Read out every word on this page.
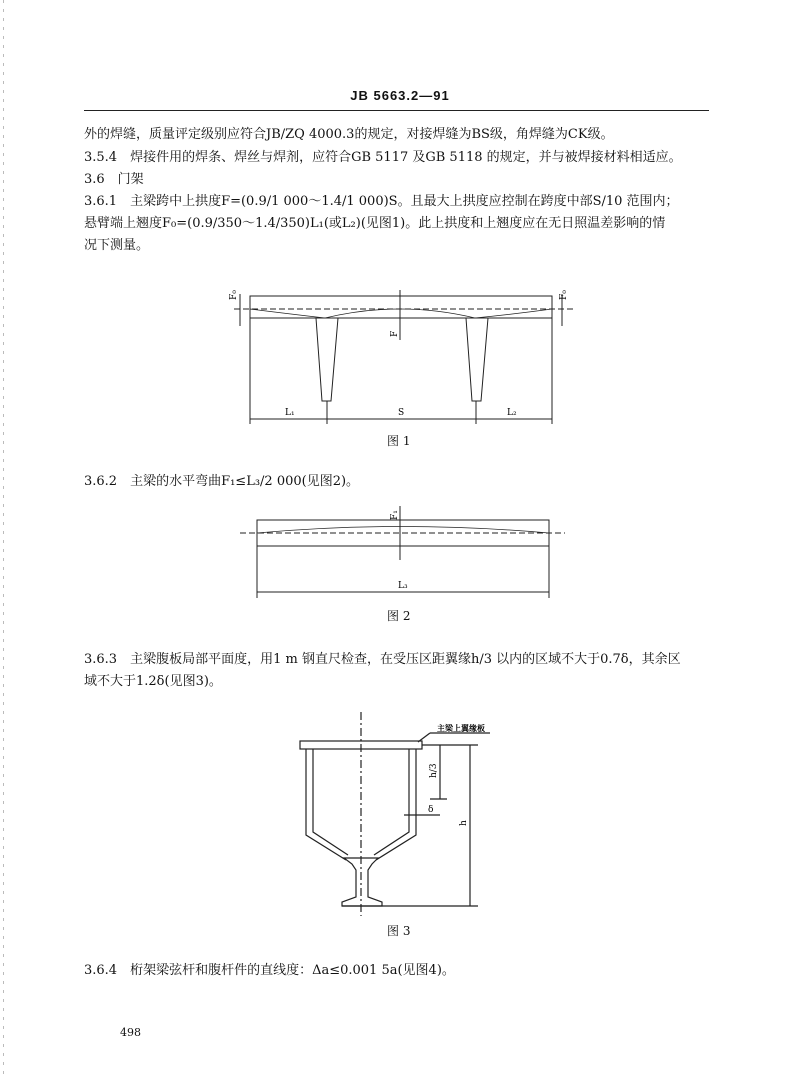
JB 5663.2—91
外的焊缝，质量评定级别应符合JB/ZQ 4000.3的规定，对接焊缝为BS级，角焊缝为CK级。
3.5.4　焊接件用的焊条、焊丝与焊剂，应符合GB 5117 及GB 5118 的规定，并与被焊接材料相适应。
3.6　门架
3.6.1　主梁跨中上拱度F=(0.9/1 000～1.4/1 000)S。且最大上拱度应控制在跨度中部S/10 范围内；
悬臂端上翘度F₀=(0.9/350～1.4/350)L₁(或L₂)(见图1)。此上拱度和上翘度应在无日照温差影响的情
况下测量。
F₀	F₀
F
L₁	S	L₂
图 1
3.6.2　主梁的水平弯曲F₁≤L₃/2 000(见图2)。
F₁
L₃
图 2
3.6.3　主梁腹板局部平面度，用1 m 钢直尺检查，在受压区距翼缘h/3 以内的区域不大于0.7δ，其余区
域不大于1.2δ(见图3)。
主梁上翼缘板
h/3
δ
h
图 3
3.6.4　桁架梁弦杆和腹杆件的直线度：Δa≤0.001 5a(见图4)。
498
